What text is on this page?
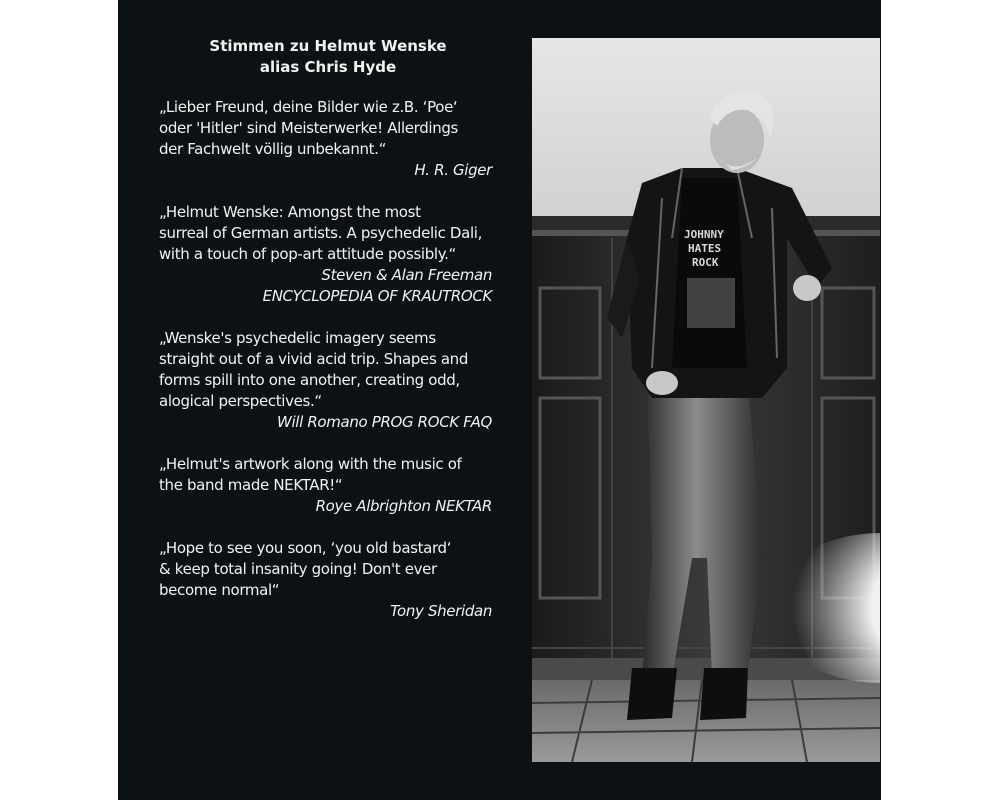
Stimmen zu Helmut Wenske
alias Chris Hyde
„Lieber Freund, deine Bilder wie z.B. ‘Poe‘
oder 'Hitler' sind Meisterwerke! Allerdings
der Fachwelt völlig unbekannt.“
H. R. Giger
„Helmut Wenske: Amongst the most
surreal of German artists. A psychedelic Dali,
with a touch of pop-art attitude possibly.“
Steven & Alan Freeman
ENCYCLOPEDIA OF KRAUTROCK
„Wenske's psychedelic imagery seems
straight out of a vivid acid trip. Shapes and
forms spill into one another, creating odd,
alogical perspectives.“
Will Romano PROG ROCK FAQ
„Helmut's artwork along with the music of
the band made NEKTAR!“
Roye Albrighton NEKTAR
„Hope to see you soon, ‘you old bastard‘
& keep total insanity going! Don't ever
become normal“
Tony Sheridan
JOHNNY
HATES
ROCK
